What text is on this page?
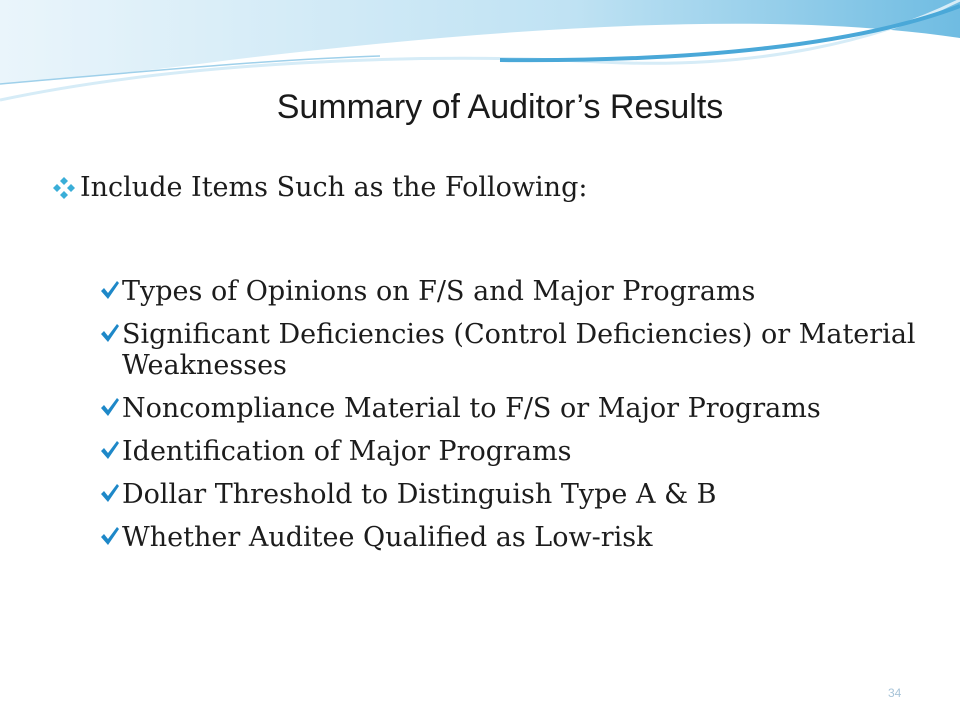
Summary of Auditor’s Results
Include Items Such as the Following:
Types of Opinions on F/S and Major Programs
Significant Deficiencies (Control Deficiencies) or Material Weaknesses
Noncompliance Material to F/S or Major Programs
Identification of Major Programs
Dollar Threshold to Distinguish Type A & B
Whether Auditee Qualified as Low-risk
34
